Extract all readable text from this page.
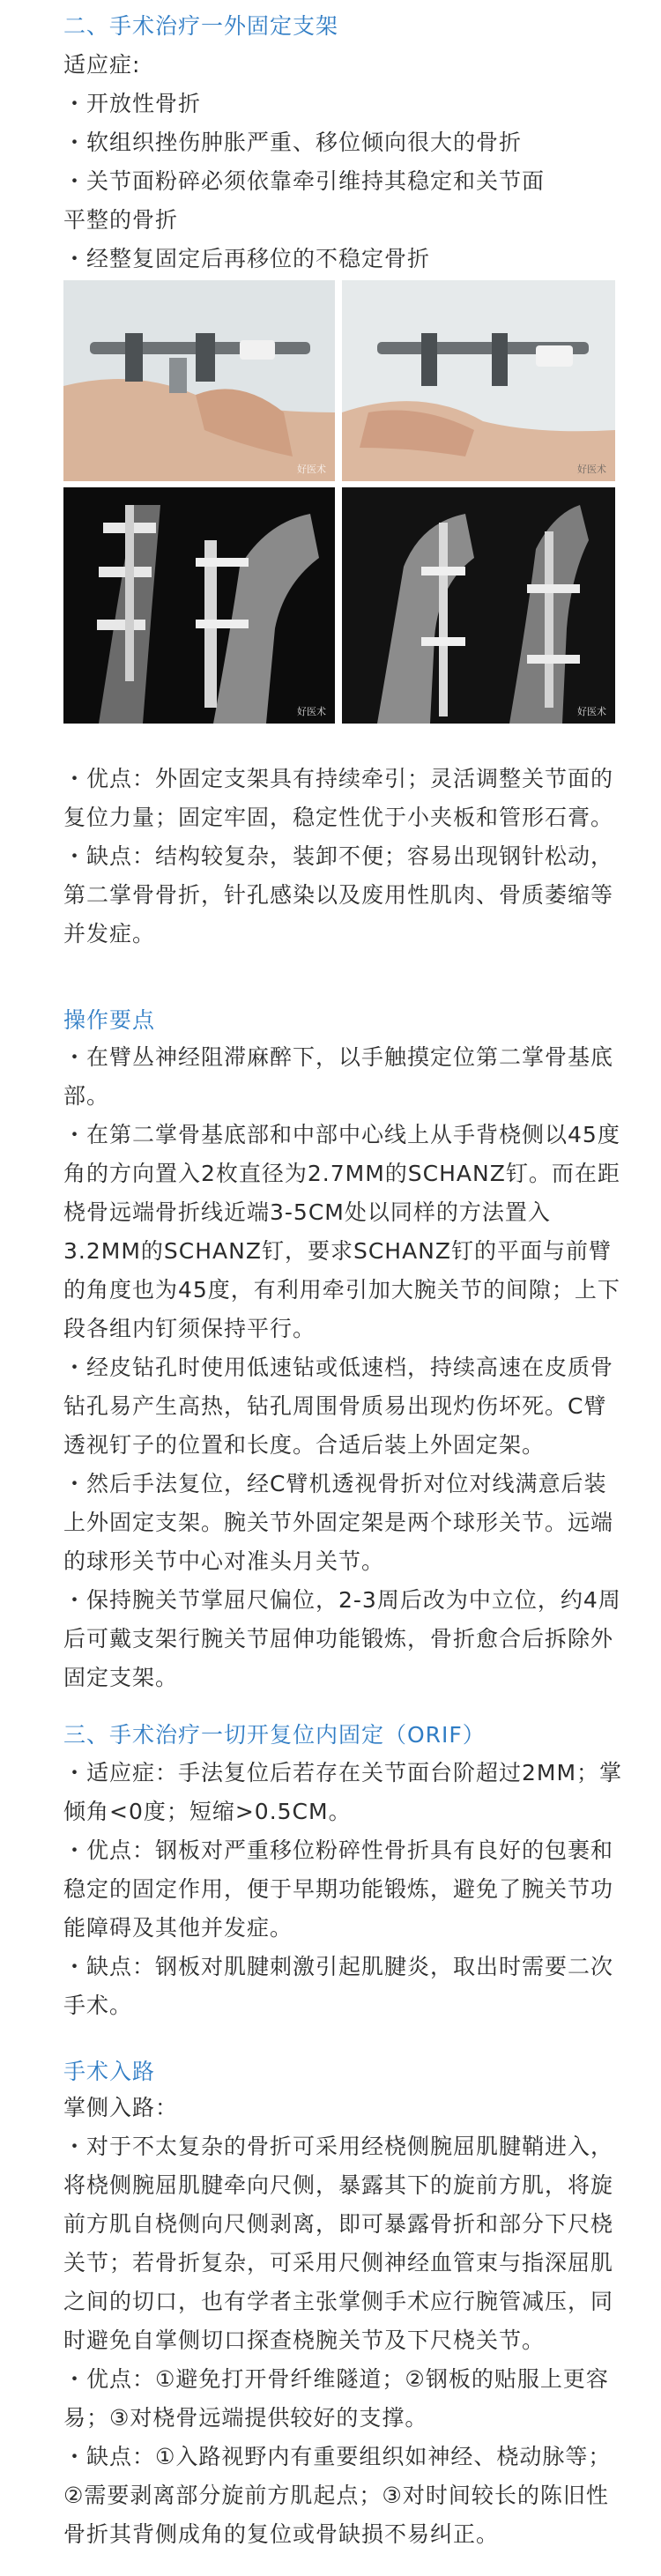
二、手术治疗一外固定支架
适应症:
・开放性骨折
・软组织挫伤肿胀严重、移位倾向很大的骨折
・关节面粉碎必须依靠牵引维持其稳定和关节面
平整的骨折
・经整复固定后再移位的不稳定骨折
好医术	好医术
好医术	好医术
・优点：外固定支架具有持续牵引；灵活调整关节面的复位力量；固定牢固，稳定性优于小夹板和管形石膏。
・缺点：结构较复杂，装卸不便；容易出现钢针松动，第二掌骨骨折，针孔感染以及废用性肌肉、骨质萎缩等并发症。
操作要点
・在臂丛神经阻滞麻醉下，以手触摸定位第二掌骨基底部。
・在第二掌骨基底部和中部中心线上从手背桡侧以45度角的方向置入2枚直径为2.7MM的SCHANZ钉。而在距桡骨远端骨折线近端3-5CM处以同样的方法置入3.2MM的SCHANZ钉，要求SCHANZ钉的平面与前臂的角度也为45度，有利用牵引加大腕关节的间隙；上下段各组内钉须保持平行。
・经皮钻孔时使用低速钻或低速档，持续高速在皮质骨钻孔易产生高热，钻孔周围骨质易出现灼伤坏死。C臂透视钉子的位置和长度。合适后装上外固定架。
・然后手法复位，经C臂机透视骨折对位对线满意后装上外固定支架。腕关节外固定架是两个球形关节。远端的球形关节中心对准头月关节。
・保持腕关节掌屈尺偏位，2-3周后改为中立位，约4周后可戴支架行腕关节屈伸功能锻炼，骨折愈合后拆除外固定支架。
三、手术治疗一切开复位内固定（ORIF）
・适应症：手法复位后若存在关节面台阶超过2MM；掌倾角<0度；短缩>0.5CM。
・优点：钢板对严重移位粉碎性骨折具有良好的包裹和稳定的固定作用，便于早期功能锻炼，避免了腕关节功能障碍及其他并发症。
・缺点：钢板对肌腱刺激引起肌腱炎，取出时需要二次手术。
手术入路
掌侧入路：
・对于不太复杂的骨折可采用经桡侧腕屈肌腱鞘进入，将桡侧腕屈肌腱牵向尺侧，暴露其下的旋前方肌，将旋前方肌自桡侧向尺侧剥离，即可暴露骨折和部分下尺桡关节；若骨折复杂，可采用尺侧神经血管束与指深屈肌之间的切口，也有学者主张掌侧手术应行腕管减压，同时避免自掌侧切口探查桡腕关节及下尺桡关节。
・优点：①避免打开骨纤维隧道；②钢板的贴服上更容易；③对桡骨远端提供较好的支撑。
・缺点：①入路视野内有重要组织如神经、桡动脉等；②需要剥离部分旋前方肌起点；③对时间较长的陈旧性骨折其背侧成角的复位或骨缺损不易纠正。
